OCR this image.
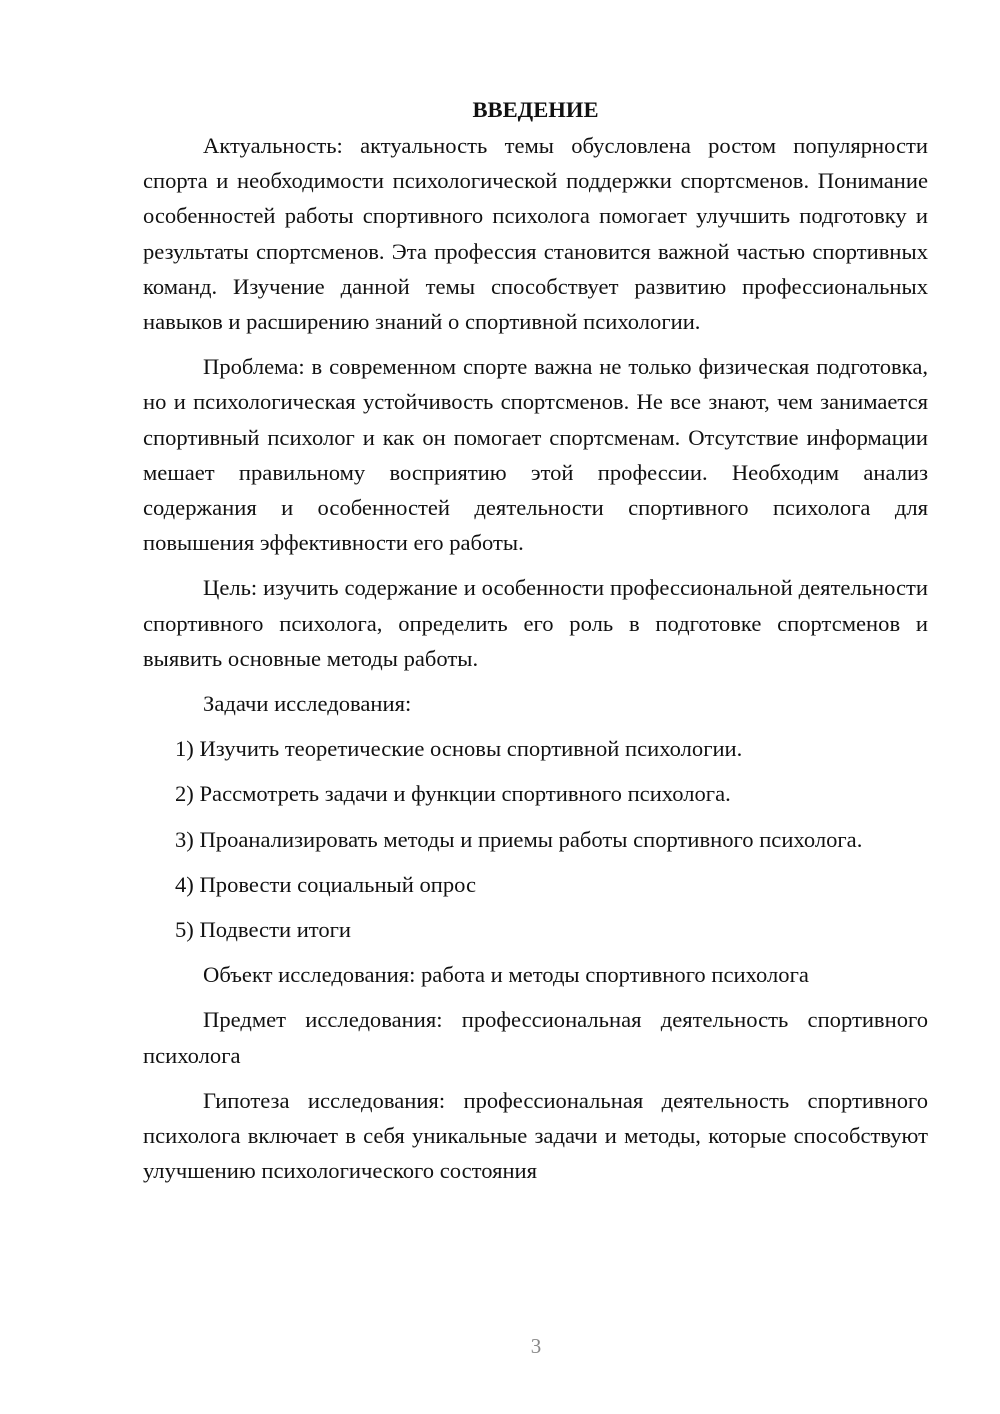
ВВЕДЕНИЕ

Актуальность: актуальность темы обусловлена ростом популярности спорта и необходимости психологической поддержки спортсменов. Понимание особенностей работы спортивного психолога помогает улучшить подготовку и результаты спортсменов. Эта профессия становится важной частью спортивных команд. Изучение данной темы способствует развитию профессиональных навыков и расширению знаний о спортивной психологии.

Проблема: в современном спорте важна не только физическая подготовка, но и психологическая устойчивость спортсменов. Не все знают, чем занимается спортивный психолог и как он помогает спортсменам. Отсутствие информации мешает правильному восприятию этой профессии. Необходим анализ содержания и особенностей деятельности спортивного психолога для повышения эффективности его работы.

Цель: изучить содержание и особенности профессиональной деятельности спортивного психолога, определить его роль в подготовке спортсменов и выявить основные методы работы.

Задачи исследования:

1) Изучить теоретические основы спортивной психологии.

2) Рассмотреть задачи и функции спортивного психолога.

3) Проанализировать методы и приемы работы спортивного психолога.

4) Провести социальный опрос

5) Подвести итоги

Объект исследования: работа и методы спортивного психолога

Предмет исследования: профессиональная деятельность спортивного психолога

Гипотеза исследования: профессиональная деятельность спортивного психолога включает в себя уникальные задачи и методы, которые способствуют улучшению психологического состояния

3
